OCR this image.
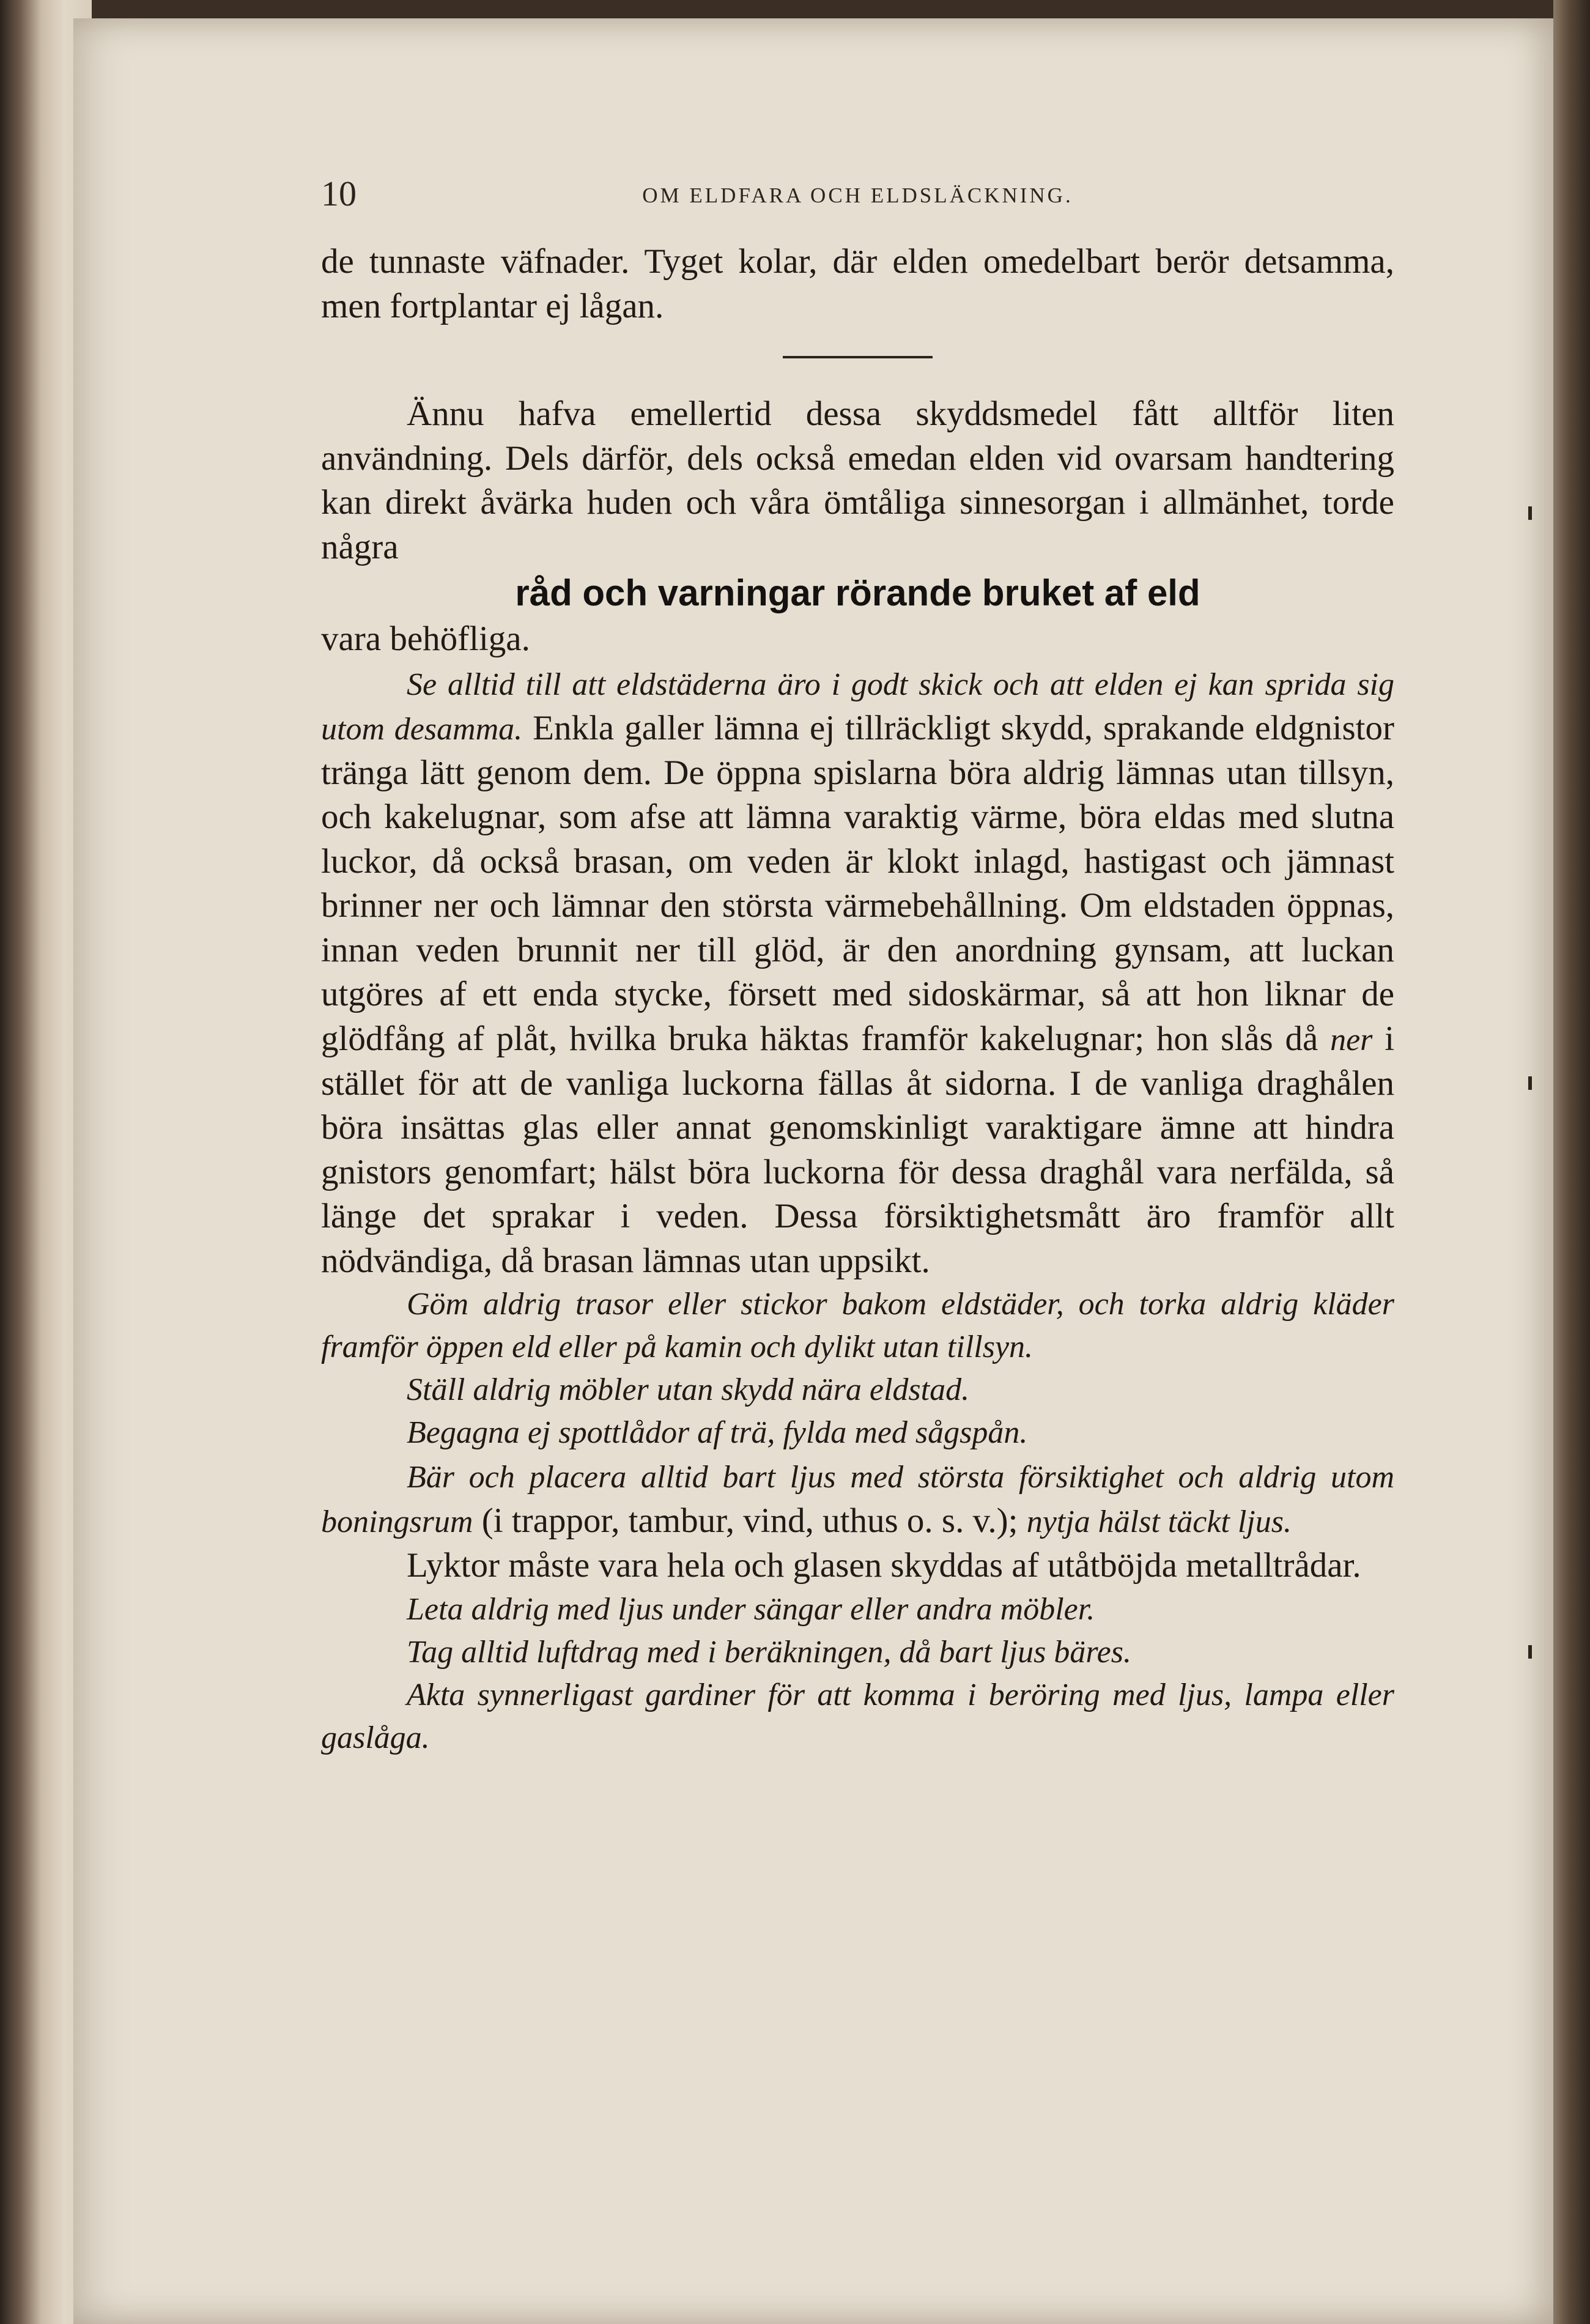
10	OM ELDFARA OCH ELDSLÄCKNING.

de tunnaste väfnader. Tyget kolar, där elden omedelbart berör detsamma, men fortplantar ej lågan.

Ännu hafva emellertid dessa skyddsmedel fått alltför liten användning. Dels därför, dels också emedan elden vid ovarsam handtering kan direkt åvärka huden och våra ömtåliga sinnesorgan i allmänhet, torde några

råd och varningar rörande bruket af eld

vara behöfliga.

Se alltid till att eldstäderna äro i godt skick och att elden ej kan sprida sig utom desamma. Enkla galler lämna ej tillräckligt skydd, sprakande eldgnistor tränga lätt genom dem. De öppna spislarna böra aldrig lämnas utan tillsyn, och kakelugnar, som afse att lämna varaktig värme, böra eldas med slutna luckor, då också brasan, om veden är klokt inlagd, hastigast och jämnast brinner ner och lämnar den största värmebehållning. Om eldstaden öppnas, innan veden brunnit ner till glöd, är den anordning gynsam, att luckan utgöres af ett enda stycke, försett med sidoskärmar, så att hon liknar de glödfång af plåt, hvilka bruka häktas framför kakelugnar; hon slås då ner i stället för att de vanliga luckorna fällas åt sidorna. I de vanliga draghålen böra insättas glas eller annat genomskinligt varaktigare ämne att hindra gnistors genomfart; hälst böra luckorna för dessa draghål vara nerfälda, så länge det sprakar i veden. Dessa försiktighetsmått äro framför allt nödvändiga, då brasan lämnas utan uppsikt.

Göm aldrig trasor eller stickor bakom eldstäder, och torka aldrig kläder framför öppen eld eller på kamin och dylikt utan tillsyn.

Ställ aldrig möbler utan skydd nära eldstad.

Begagna ej spottlådor af trä, fylda med sågspån.

Bär och placera alltid bart ljus med största försiktighet och aldrig utom boningsrum (i trappor, tambur, vind, uthus o. s. v.); nytja hälst täckt ljus.

Lyktor måste vara hela och glasen skyddas af utåtböjda metalltrådar.

Leta aldrig med ljus under sängar eller andra möbler.

Tag alltid luftdrag med i beräkningen, då bart ljus bäres.

Akta synnerligast gardiner för att komma i beröring med ljus, lampa eller gaslåga.
